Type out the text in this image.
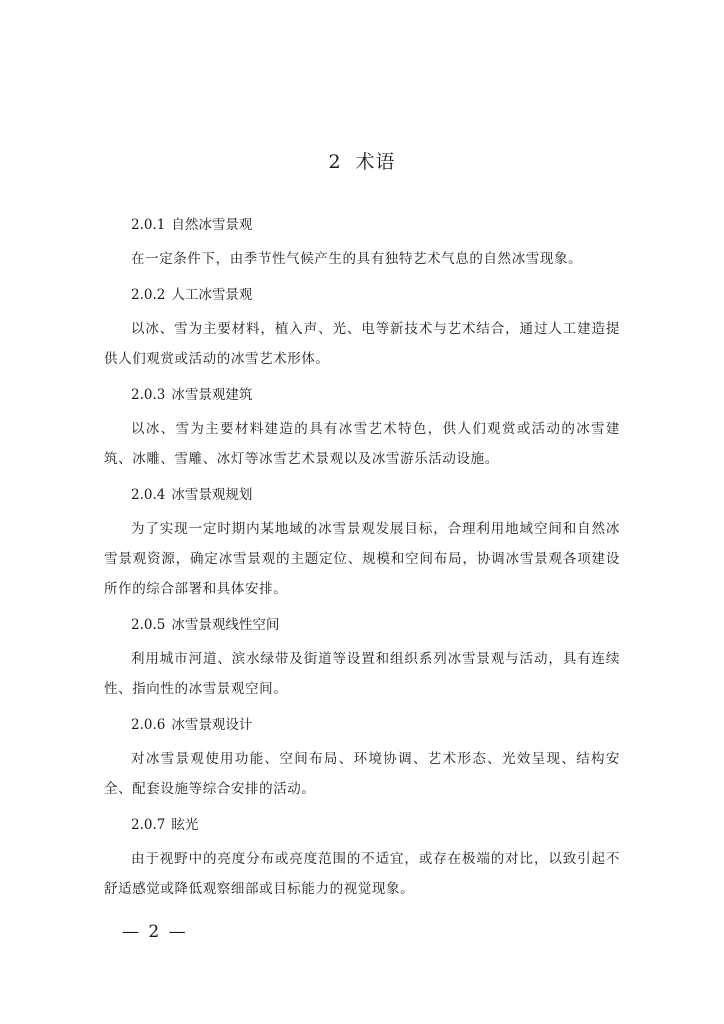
2 术语
2.0.1 自然冰雪景观

在一定条件下，由季节性气候产生的具有独特艺术气息的自然冰雪现象。

2.0.2 人工冰雪景观

以冰、雪为主要材料，植入声、光、电等新技术与艺术结合，通过人工建造提供人们观赏或活动的冰雪艺术形体。

2.0.3 冰雪景观建筑

以冰、雪为主要材料建造的具有冰雪艺术特色，供人们观赏或活动的冰雪建筑、冰雕、雪雕、冰灯等冰雪艺术景观以及冰雪游乐活动设施。

2.0.4 冰雪景观规划

为了实现一定时期内某地域的冰雪景观发展目标，合理利用地域空间和自然冰雪景观资源，确定冰雪景观的主题定位、规模和空间布局，协调冰雪景观各项建设所作的综合部署和具体安排。

2.0.5 冰雪景观线性空间

利用城市河道、滨水绿带及街道等设置和组织系列冰雪景观与活动，具有连续性、指向性的冰雪景观空间。

2.0.6 冰雪景观设计

对冰雪景观使用功能、空间布局、环境协调、艺术形态、光效呈现、结构安全、配套设施等综合安排的活动。

2.0.7 眩光

由于视野中的亮度分布或亮度范围的不适宜，或存在极端的对比，以致引起不舒适感觉或降低观察细部或目标能力的视觉现象。

— 2 —
